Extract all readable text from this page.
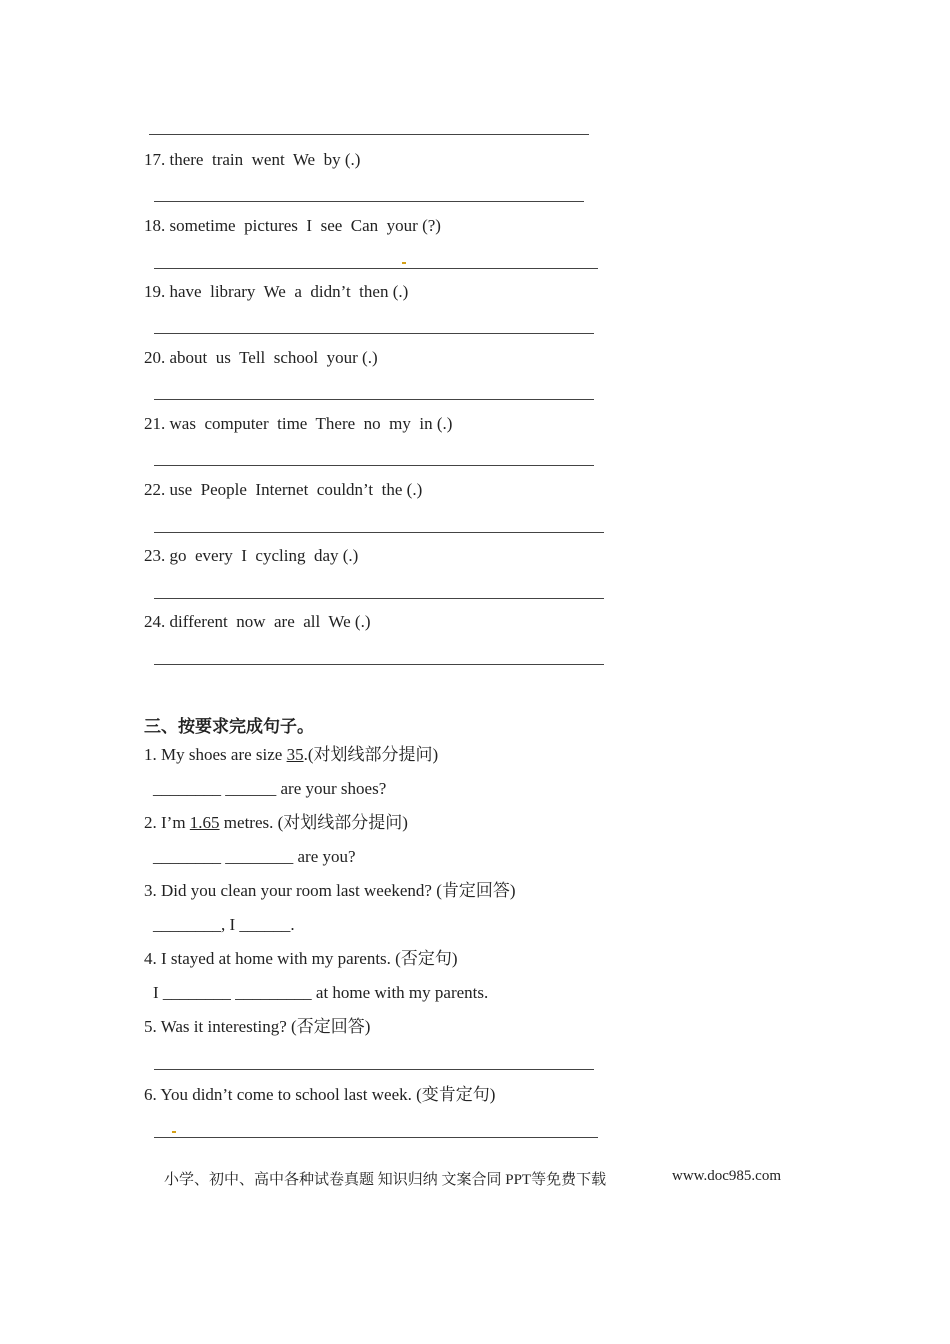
17. there  train  went  We  by (.)
18. sometime  pictures  I  see  Can  your (?)
19. have  library  We  a  didn’t  then (.)
20. about  us  Tell  school  your (.)
21. was  computer  time  There  no  my  in (.)
22. use  People  Internet  couldn’t  the (.)
23. go  every  I  cycling  day (.)
24. different  now  are  all  We (.)
三、按要求完成句子。
1. My shoes are size 35.(对划线部分提问)
________ ______ are your shoes?
2. I’m 1.65 metres. (对划线部分提问)
________ ________ are you?
3. Did you clean your room last weekend? (肯定回答)
________, I ______.
4. I stayed at home with my parents. (否定句)
I ________ _________ at home with my parents.
5. Was it interesting? (否定回答)
6. You didn’t come to school last week. (变肯定句)
小学、初中、高中各种试卷真题 知识归纳 文案合同 PPT等免费下载	www.doc985.com
